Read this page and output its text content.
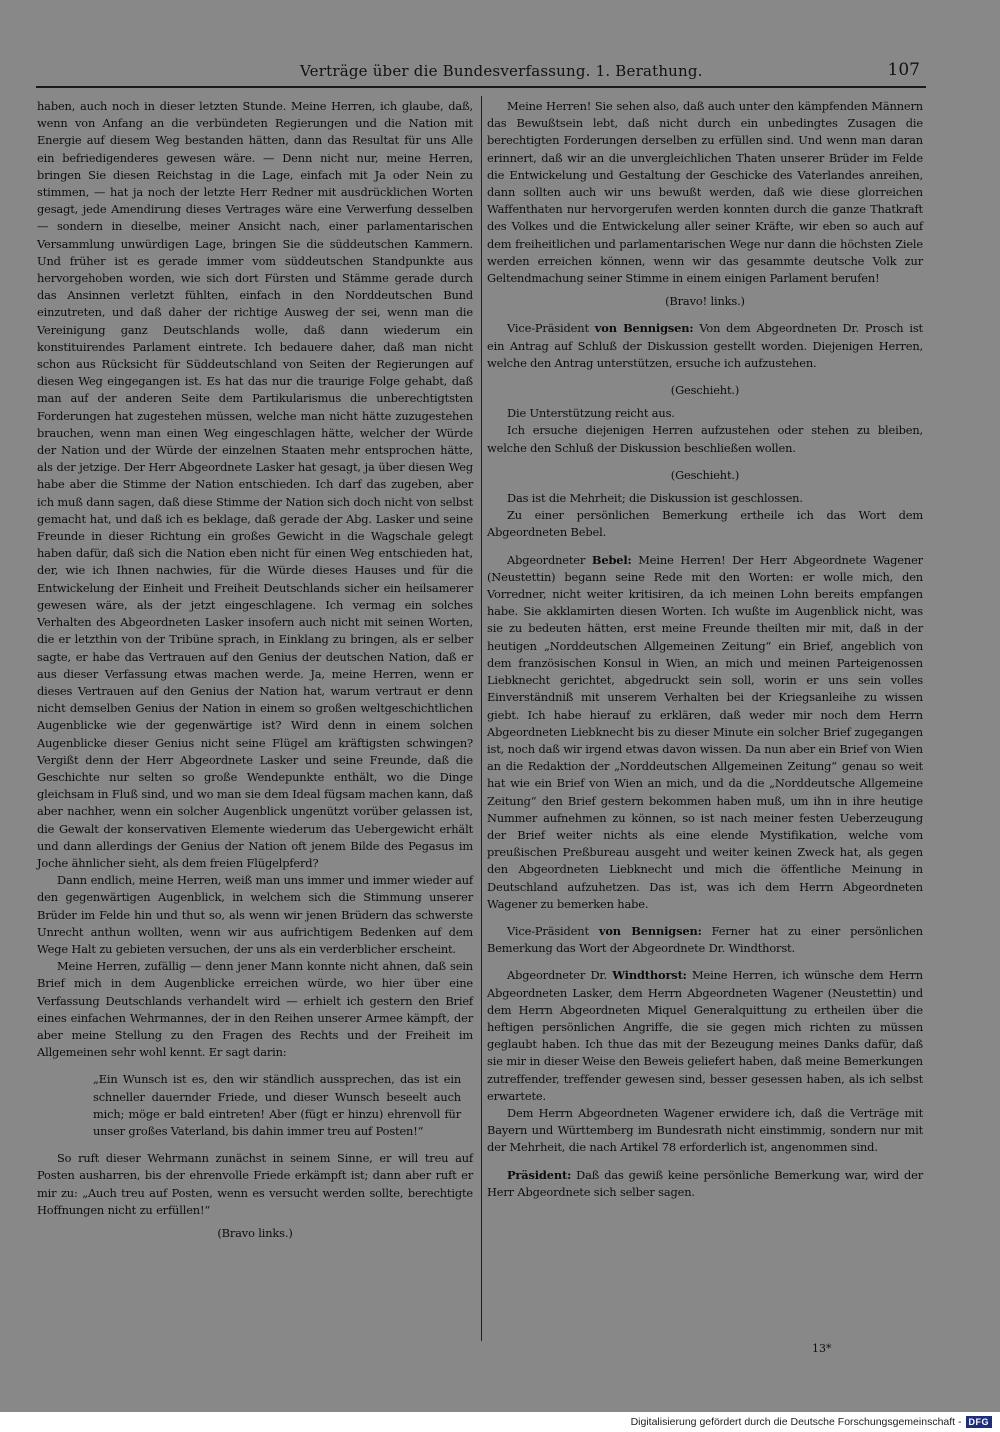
Verträge über die Bundesverfassung. 1. Berathung.	107

haben, auch noch in dieser letzten Stunde. Meine Herren, ich glaube, daß, wenn von Anfang an die verbündeten Regierungen und die Nation mit Energie auf diesem Weg bestanden hätten, dann das Resultat für uns Alle ein befriedigenderes gewesen wäre. — Denn nicht nur, meine Herren, bringen Sie diesen Reichstag in die Lage, einfach mit Ja oder Nein zu stimmen, — hat ja noch der letzte Herr Redner mit ausdrücklichen Worten gesagt, jede Amendirung dieses Vertrages wäre eine Verwerfung desselben — sondern in dieselbe, meiner Ansicht nach, einer parlamentarischen Versammlung unwürdigen Lage, bringen Sie die süddeutschen Kammern. Und früher ist es gerade immer vom süddeutschen Standpunkte aus hervorgehoben worden, wie sich dort Fürsten und Stämme gerade durch das Ansinnen verletzt fühlten, einfach in den Norddeutschen Bund einzutreten, und daß daher der richtige Ausweg der sei, wenn man die Vereinigung ganz Deutschlands wolle, daß dann wiederum ein konstituirendes Parlament eintrete. Ich bedauere daher, daß man nicht schon aus Rücksicht für Süddeutschland von Seiten der Regierungen auf diesen Weg eingegangen ist. Es hat das nur die traurige Folge gehabt, daß man auf der anderen Seite dem Partikularismus die unberechtigtsten Forderungen hat zugestehen müssen, welche man nicht hätte zuzugestehen brauchen, wenn man einen Weg eingeschlagen hätte, welcher der Würde der Nation und der Würde der einzelnen Staaten mehr entsprochen hätte, als der jetzige. Der Herr Abgeordnete Lasker hat gesagt, ja über diesen Weg habe aber die Stimme der Nation entschieden. Ich darf das zugeben, aber ich muß dann sagen, daß diese Stimme der Nation sich doch nicht von selbst gemacht hat, und daß ich es beklage, daß gerade der Abg. Lasker und seine Freunde in dieser Richtung ein großes Gewicht in die Wagschale gelegt haben dafür, daß sich die Nation eben nicht für einen Weg entschieden hat, der, wie ich Ihnen nachwies, für die Würde dieses Hauses und für die Entwickelung der Einheit und Freiheit Deutschlands sicher ein heilsamerer gewesen wäre, als der jetzt eingeschlagene. Ich vermag ein solches Verhalten des Abgeordneten Lasker insofern auch nicht mit seinen Worten, die er letzthin von der Tribüne sprach, in Einklang zu bringen, als er selber sagte, er habe das Vertrauen auf den Genius der deutschen Nation, daß er aus dieser Verfassung etwas machen werde. Ja, meine Herren, wenn er dieses Vertrauen auf den Genius der Nation hat, warum vertraut er denn nicht demselben Genius der Nation in einem so großen weltgeschichtlichen Augenblicke wie der gegenwärtige ist? Wird denn in einem solchen Augenblicke dieser Genius nicht seine Flügel am kräftigsten schwingen? Vergißt denn der Herr Abgeordnete Lasker und seine Freunde, daß die Geschichte nur selten so große Wendepunkte enthält, wo die Dinge gleichsam in Fluß sind, und wo man sie dem Ideal fügsam machen kann, daß aber nachher, wenn ein solcher Augenblick ungenützt vorüber gelassen ist, die Gewalt der konservativen Elemente wiederum das Uebergewicht erhält und dann allerdings der Genius der Nation oft jenem Bilde des Pegasus im Joche ähnlicher sieht, als dem freien Flügelpferd?

Dann endlich, meine Herren, weiß man uns immer und immer wieder auf den gegenwärtigen Augenblick, in welchem sich die Stimmung unserer Brüder im Felde hin und thut so, als wenn wir jenen Brüdern das schwerste Unrecht anthun wollten, wenn wir aus aufrichtigem Bedenken auf dem Wege Halt zu gebieten versuchen, der uns als ein verderblicher erscheint.

Meine Herren, zufällig — denn jener Mann konnte nicht ahnen, daß sein Brief mich in dem Augenblicke erreichen würde, wo hier über eine Verfassung Deutschlands verhandelt wird — erhielt ich gestern den Brief eines einfachen Wehrmannes, der in den Reihen unserer Armee kämpft, der aber meine Stellung zu den Fragen des Rechts und der Freiheit im Allgemeinen sehr wohl kennt. Er sagt darin:

„Ein Wunsch ist es, den wir ständlich aussprechen, das ist ein schneller dauernder Friede, und dieser Wunsch beseelt auch mich; möge er bald eintreten! Aber (fügt er hinzu) ehrenvoll für unser großes Vaterland, bis dahin immer treu auf Posten!“

So ruft dieser Wehrmann zunächst in seinem Sinne, er will treu auf Posten ausharren, bis der ehrenvolle Friede erkämpft ist; dann aber ruft er mir zu: „Auch treu auf Posten, wenn es versucht werden sollte, berechtigte Hoffnungen nicht zu erfüllen!“

(Bravo links.)

Meine Herren! Sie sehen also, daß auch unter den kämpfenden Männern das Bewußtsein lebt, daß nicht durch ein unbedingtes Zusagen die berechtigten Forderungen derselben zu erfüllen sind. Und wenn man daran erinnert, daß wir an die unvergleichlichen Thaten unserer Brüder im Felde die Entwickelung und Gestaltung der Geschicke des Vaterlandes anreihen, dann sollten auch wir uns bewußt werden, daß wie diese glorreichen Waffenthaten nur hervorgerufen werden konnten durch die ganze Thatkraft des Volkes und die Entwickelung aller seiner Kräfte, wir eben so auch auf dem freiheitlichen und parlamentarischen Wege nur dann die höchsten Ziele werden erreichen können, wenn wir das gesammte deutsche Volk zur Geltendmachung seiner Stimme in einem einigen Parlament berufen!

(Bravo! links.)

Vice-Präsident von Bennigsen: Von dem Abgeordneten Dr. Prosch ist ein Antrag auf Schluß der Diskussion gestellt worden. Diejenigen Herren, welche den Antrag unterstützen, ersuche ich aufzustehen.

(Geschieht.)

Die Unterstützung reicht aus.

Ich ersuche diejenigen Herren aufzustehen oder stehen zu bleiben, welche den Schluß der Diskussion beschließen wollen.

(Geschieht.)

Das ist die Mehrheit; die Diskussion ist geschlossen.

Zu einer persönlichen Bemerkung ertheile ich das Wort dem Abgeordneten Bebel.

Abgeordneter Bebel: Meine Herren! Der Herr Abgeordnete Wagener (Neustettin) begann seine Rede mit den Worten: er wolle mich, den Vorredner, nicht weiter kritisiren, da ich meinen Lohn bereits empfangen habe. Sie akklamirten diesen Worten. Ich wußte im Augenblick nicht, was sie zu bedeuten hätten, erst meine Freunde theilten mir mit, daß in der heutigen „Norddeutschen Allgemeinen Zeitung“ ein Brief, angeblich von dem französischen Konsul in Wien, an mich und meinen Parteigenossen Liebknecht gerichtet, abgedruckt sein soll, worin er uns sein volles Einverständniß mit unserem Verhalten bei der Kriegsanleihe zu wissen giebt. Ich habe hierauf zu erklären, daß weder mir noch dem Herrn Abgeordneten Liebknecht bis zu dieser Minute ein solcher Brief zugegangen ist, noch daß wir irgend etwas davon wissen. Da nun aber ein Brief von Wien an die Redaktion der „Norddeutschen Allgemeinen Zeitung“ genau so weit hat wie ein Brief von Wien an mich, und da die „Norddeutsche Allgemeine Zeitung“ den Brief gestern bekommen haben muß, um ihn in ihre heutige Nummer aufnehmen zu können, so ist nach meiner festen Ueberzeugung der Brief weiter nichts als eine elende Mystifikation, welche vom preußischen Preßbureau ausgeht und weiter keinen Zweck hat, als gegen den Abgeordneten Liebknecht und mich die öffentliche Meinung in Deutschland aufzuhetzen. Das ist, was ich dem Herrn Abgeordneten Wagener zu bemerken habe.

Vice-Präsident von Bennigsen: Ferner hat zu einer persönlichen Bemerkung das Wort der Abgeordnete Dr. Windthorst.

Abgeordneter Dr. Windthorst: Meine Herren, ich wünsche dem Herrn Abgeordneten Lasker, dem Herrn Abgeordneten Wagener (Neustettin) und dem Herrn Abgeordneten Miquel Generalquittung zu ertheilen über die heftigen persönlichen Angriffe, die sie gegen mich richten zu müssen geglaubt haben. Ich thue das mit der Bezeugung meines Danks dafür, daß sie mir in dieser Weise den Beweis geliefert haben, daß meine Bemerkungen zutreffender, treffender gewesen sind, besser gesessen haben, als ich selbst erwartete.

Dem Herrn Abgeordneten Wagener erwidere ich, daß die Verträge mit Bayern und Württemberg im Bundesrath nicht einstimmig, sondern nur mit der Mehrheit, die nach Artikel 78 erforderlich ist, angenommen sind.

Präsident: Daß das gewiß keine persönliche Bemerkung war, wird der Herr Abgeordnete sich selber sagen.

13*
Digitalisierung gefördert durch die Deutsche Forschungsgemeinschaft - DFG
